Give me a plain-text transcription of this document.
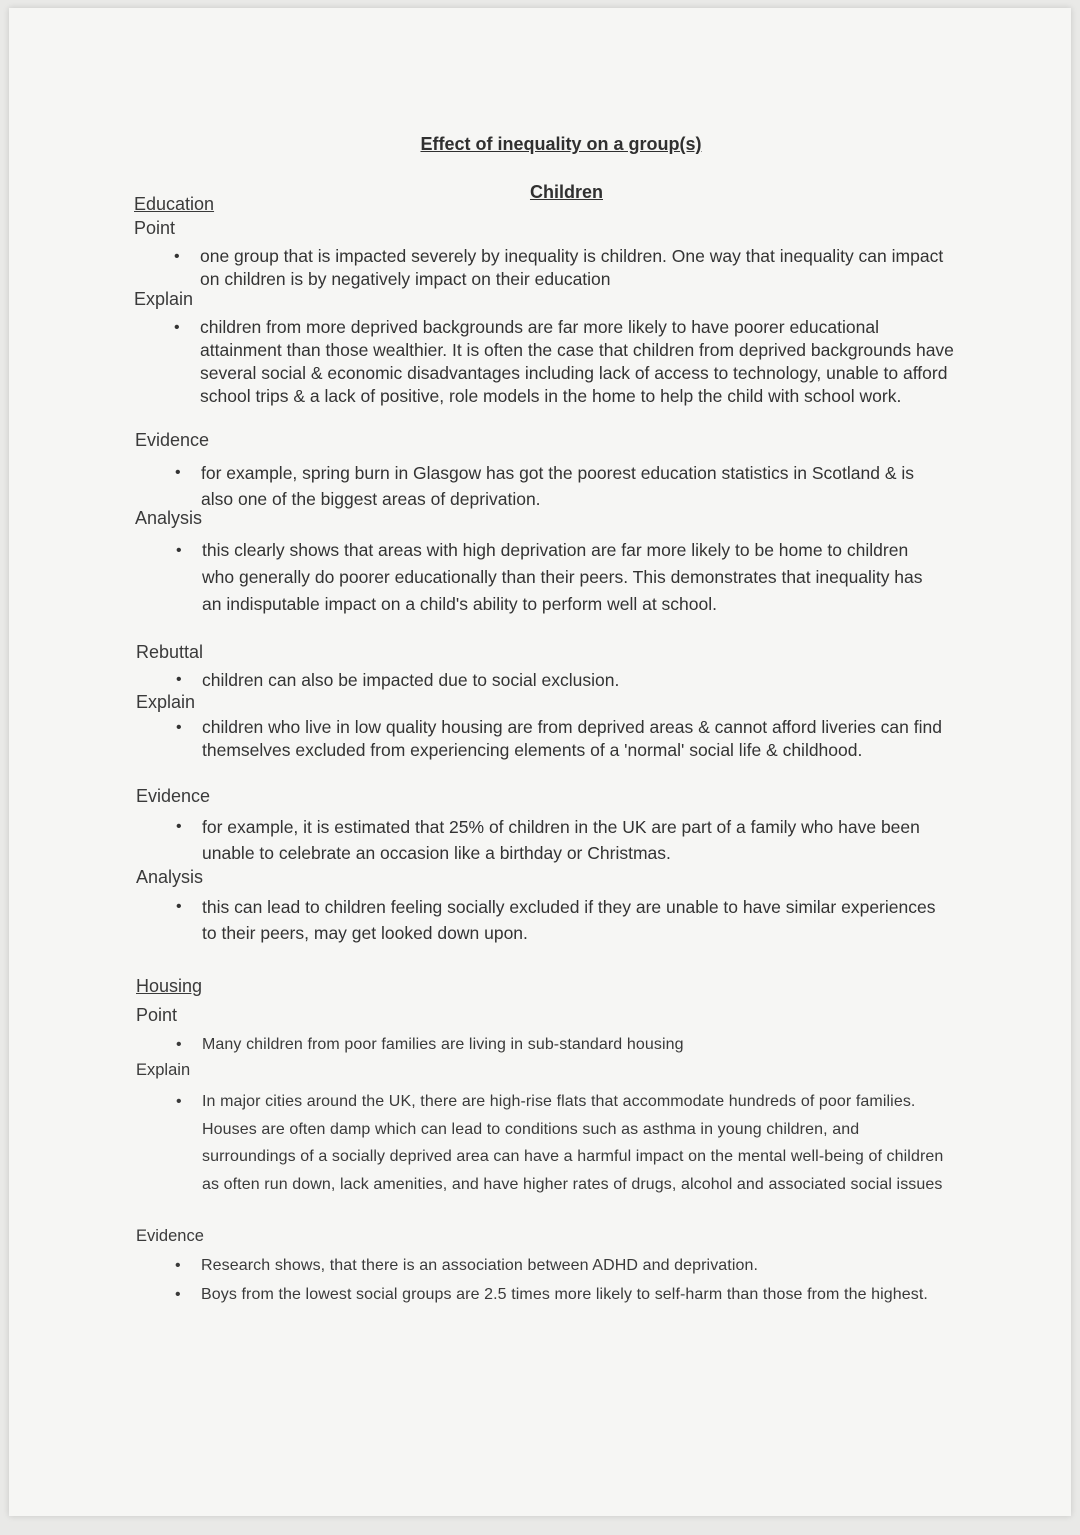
Effect of inequality on a group(s)
Children
Education
Point
• one group that is impacted severely by inequality is children. One way that inequality can impact on children is by negatively impact on their education
Explain
• children from more deprived backgrounds are far more likely to have poorer educational attainment than those wealthier. It is often the case that children from deprived backgrounds have several social & economic disadvantages including lack of access to technology, unable to afford school trips & a lack of positive, role models in the home to help the child with school work.
Evidence
• for example, spring burn in Glasgow has got the poorest education statistics in Scotland & is also one of the biggest areas of deprivation.
Analysis
• this clearly shows that areas with high deprivation are far more likely to be home to children who generally do poorer educationally than their peers. This demonstrates that inequality has an indisputable impact on a child's ability to perform well at school.
Rebuttal
• children can also be impacted due to social exclusion.
Explain
• children who live in low quality housing are from deprived areas & cannot afford liveries can find themselves excluded from experiencing elements of a 'normal' social life & childhood.
Evidence
• for example, it is estimated that 25% of children in the UK are part of a family who have been unable to celebrate an occasion like a birthday or Christmas.
Analysis
• this can lead to children feeling socially excluded if they are unable to have similar experiences to their peers, may get looked down upon.
Housing
Point
• Many children from poor families are living in sub-standard housing
Explain
• In major cities around the UK, there are high-rise flats that accommodate hundreds of poor families. Houses are often damp which can lead to conditions such as asthma in young children, and surroundings of a socially deprived area can have a harmful impact on the mental well-being of children as often run down, lack amenities, and have higher rates of drugs, alcohol and associated social issues
Evidence
• Research shows, that there is an association between ADHD and deprivation.
• Boys from the lowest social groups are 2.5 times more likely to self-harm than those from the highest.
